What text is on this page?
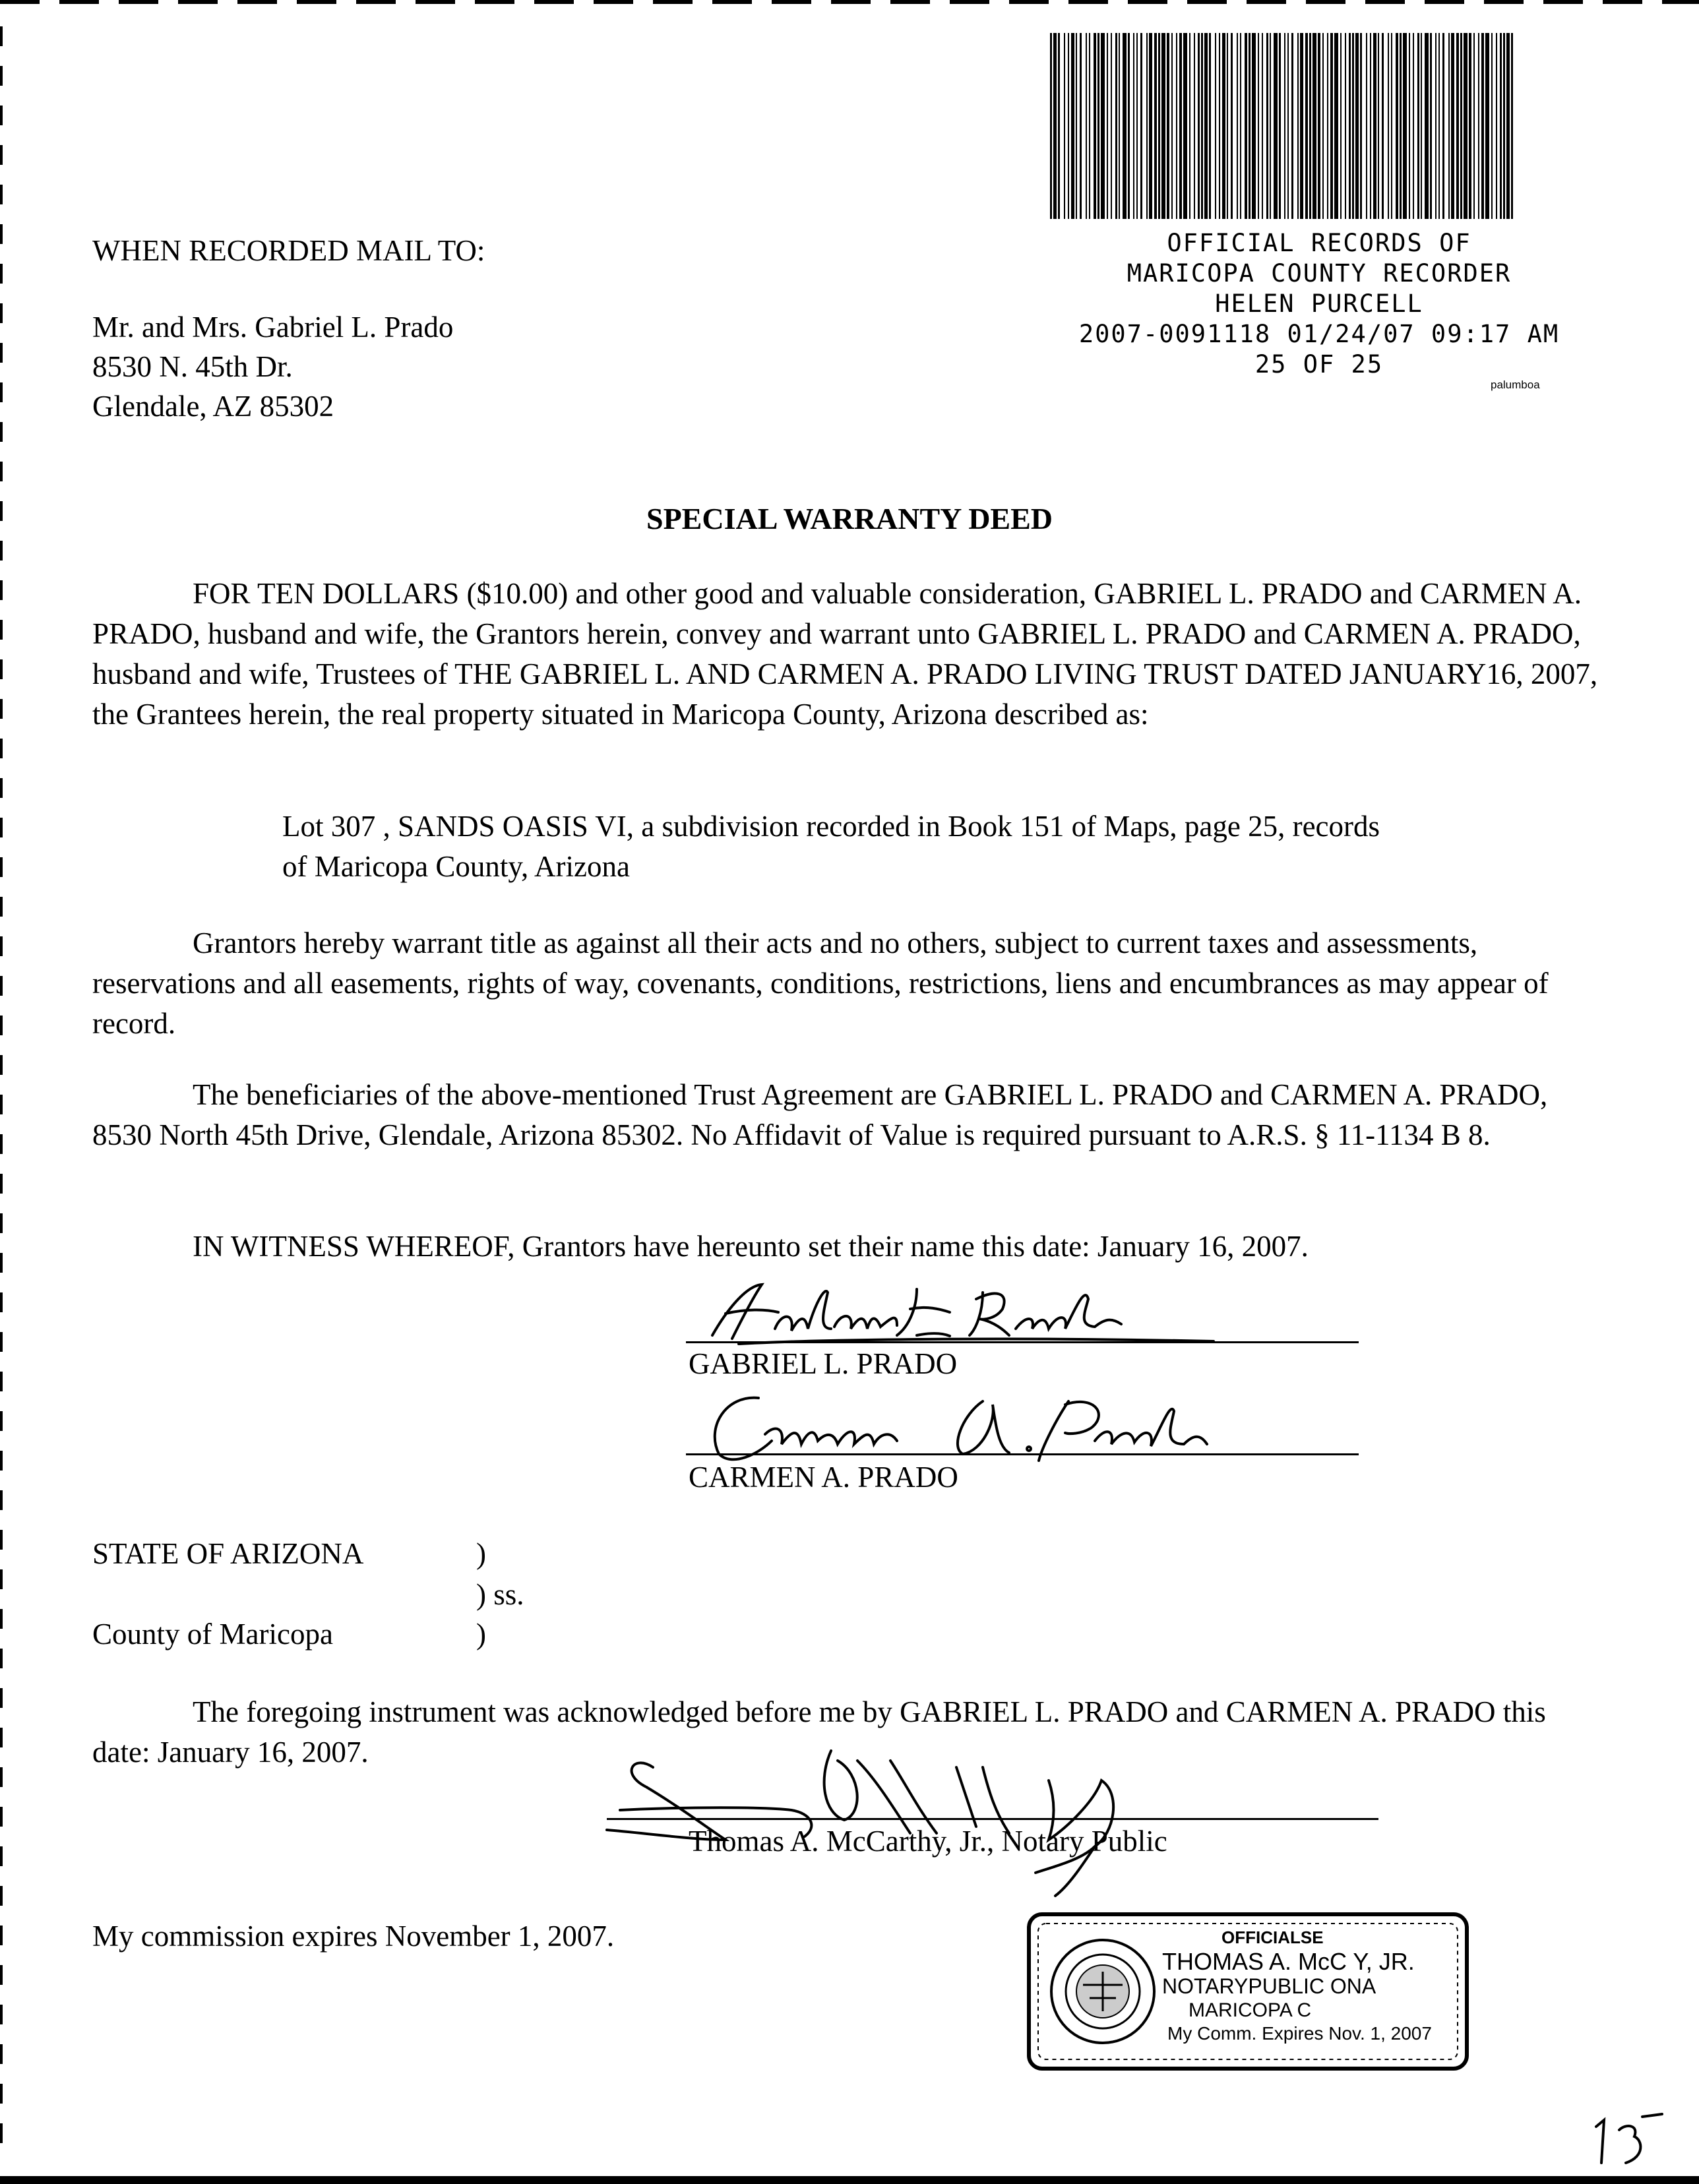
OFFICIAL RECORDS OF
MARICOPA COUNTY RECORDER
HELEN PURCELL
2007-0091118 01/24/07 09:17 AM
25 OF 25
palumboa
WHEN RECORDED MAIL TO:
Mr. and Mrs. Gabriel L. Prado
8530 N. 45th Dr.
Glendale, AZ 85302
SPECIAL WARRANTY DEED
FOR TEN DOLLARS ($10.00) and other good and valuable consideration, GABRIEL L. PRADO and CARMEN A. PRADO, husband and wife, the Grantors herein, convey and warrant unto GABRIEL L. PRADO and CARMEN A. PRADO, husband and wife, Trustees of THE GABRIEL L. AND CARMEN A. PRADO LIVING TRUST DATED JANUARY16, 2007, the Grantees herein, the real property situated in Maricopa County, Arizona described as:
Lot 307 , SANDS OASIS VI, a subdivision recorded in Book 151 of Maps, page 25, records of Maricopa County, Arizona
Grantors hereby warrant title as against all their acts and no others, subject to current taxes and assessments, reservations and all easements, rights of way, covenants, conditions, restrictions, liens and encumbrances as may appear of record.
The beneficiaries of the above-mentioned Trust Agreement are GABRIEL L. PRADO and CARMEN A. PRADO, 8530 North 45th Drive, Glendale, Arizona 85302. No Affidavit of Value is required pursuant to A.R.S. § 11-1134 B 8.
IN WITNESS WHEREOF, Grantors have hereunto set their name this date: January 16, 2007.
GABRIEL L. PRADO
CARMEN A. PRADO
STATE OF ARIZONA	)
) ss.
County of Maricopa	)
The foregoing instrument was acknowledged before me by GABRIEL L. PRADO and CARMEN A. PRADO this date: January 16, 2007.
Thomas A. McCarthy, Jr., Notary Public
My commission expires November 1, 2007.	OFFICIALSE
THOMAS A. McC Y, JR.
NOTARYPUBLIC ONA
MARICOPA C
My Comm. Expires Nov. 1, 2007
